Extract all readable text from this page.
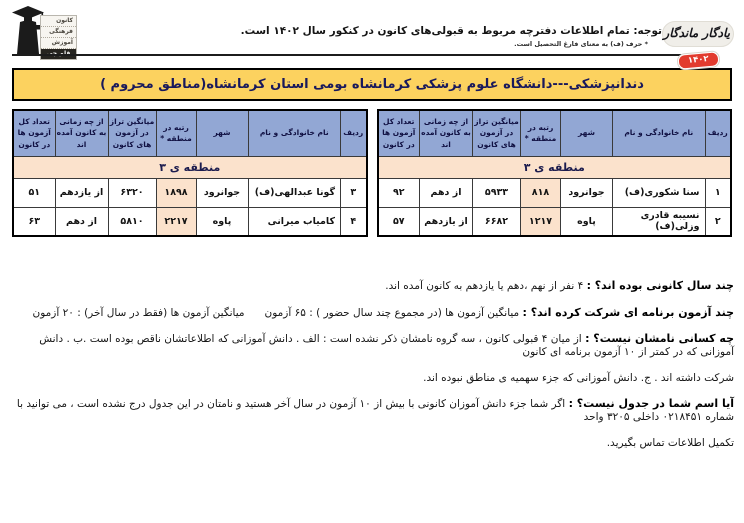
یادگار ماندگار
۱۴۰۲
توجه: تمام اطلاعات دفترچه مربوط به قبولی‌های کانون در کنکور سال ۱۴۰۲ است.
* حرف (ف) به معنای فارغ التحصیل است.
کانون
فرهنگی
آموزش
دندانپزشکی---دانشگاه علوم پزشکی کرمانشاه بومی استان کرمانشاه(مناطق محروم )
ردیف	نام خانوادگی و نام	شهر	رتبه در منطقه *	میانگین تراز در آزمون های کانون	از چه زمانی به کانون آمده اند	تعداد کل آزمون ها در کانون
منطقه ی ۳						
۱	سنا شکوری(ف)	جوانرود	۸۱۸	۵۹۳۳	از دهم	۹۲
۲	نسیبه قادری وزلی(ف)	پاوه	۱۲۱۷	۶۶۸۲	از یازدهم	۵۷
ردیف	نام خانوادگی و نام	شهر	رتبه در منطقه *	میانگین تراز در آزمون های کانون	از چه زمانی به کانون آمده اند	تعداد کل آزمون ها در کانون
منطقه ی ۳						
۳	گونا عبدالهی(ف)	جوانرود	۱۸۹۸	۶۳۲۰	از یازدهم	۵۱
۴	کامیاب میرانی	پاوه	۲۲۱۷	۵۸۱۰	از دهم	۶۳

چند سال کانونی بوده اند؟ : ۴ نفر از نهم ،دهم یا یازدهم به کانون آمده اند.

چند آزمون برنامه ای شرکت کرده اند؟ : میانگین آزمون ها (در مجموع چند سال حضور ) : ۶۵ آزمونمیانگین آزمون ها (فقط در سال آخر) : ۲۰ آزمون

چه کسانی نامشان نیست؟ : از میان ۴ قبولی کانون ، سه گروه نامشان ذکر نشده است : الف . دانش آموزانی که اطلاعاتشان ناقص بوده است .ب . دانش آموزانی که در کمتر از ۱۰ آزمون برنامه ای کانون

شرکت داشته اند . ج. دانش آموزانی که جزء سهمیه ی مناطق نبوده اند.

آیا اسم شما در جدول نیست؟ : اگر شما جزء دانش آموزان کانونی با بیش از ۱۰ آزمون در سال آخر هستید و نامتان در این جدول درج نشده است ، می توانید با شماره ۰۲۱۸۴۵۱ داخلی ۳۲۰۵ واحد

تکمیل اطلاعات تماس بگیرید.
